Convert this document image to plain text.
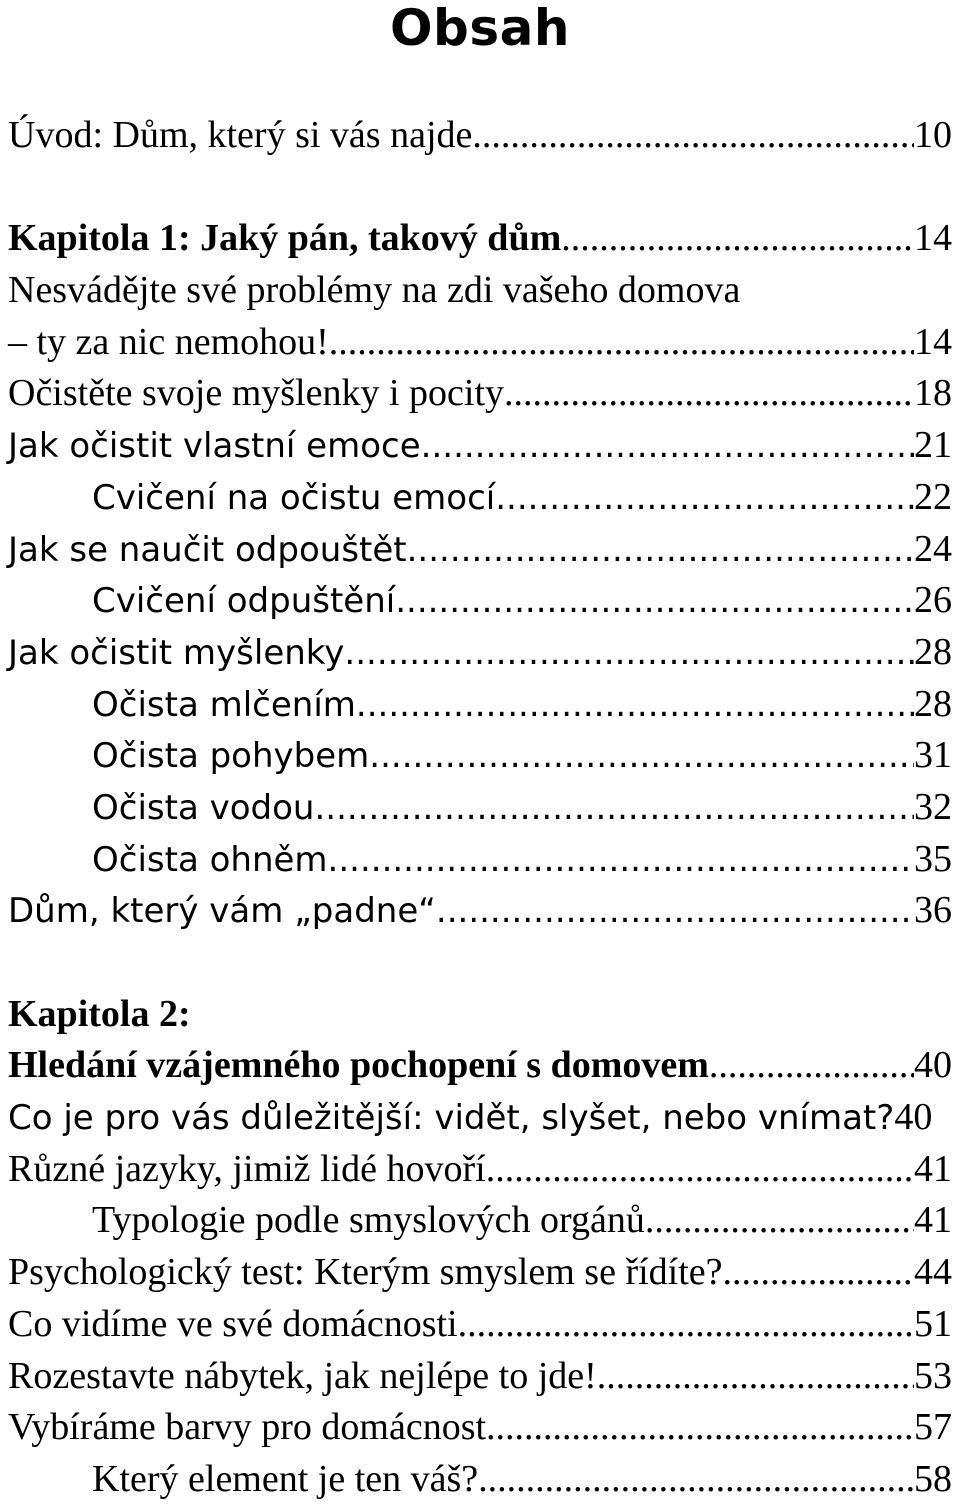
Obsah
Úvod: Dům, který si vás najde .....	10
Kapitola 1: Jaký pán, takový dům .....	14
Nesvádějte své problémy na zdi vašeho domova
– ty za nic nemohou! .....	14
Očistěte svoje myšlenky i pocity .....	18
Jak očistit vlastní emoce .....	21
Cvičení na očistu emocí .....	22
Jak se naučit odpouštět .....	24
Cvičení odpuštění .....	26
Jak očistit myšlenky .....	28
Očista mlčením .....	28
Očista pohybem .....	31
Očista vodou .....	32
Očista ohněm .....	35
Dům, který vám „padne“ .....	36
Kapitola 2:
Hledání vzájemného pochopení s domovem .....	40
Co je pro vás důležitější: vidět, slyšet, nebo vnímat? 40
Různé jazyky, jimiž lidé hovoří .....	41
Typologie podle smyslových orgánů .....	41
Psychologický test: Kterým smyslem se řídíte? .....	44
Co vidíme ve své domácnosti .....	51
Rozestavte nábytek, jak nejlépe to jde! .....	53
Vybíráme barvy pro domácnost .....	57
Který element je ten váš? .....	58
